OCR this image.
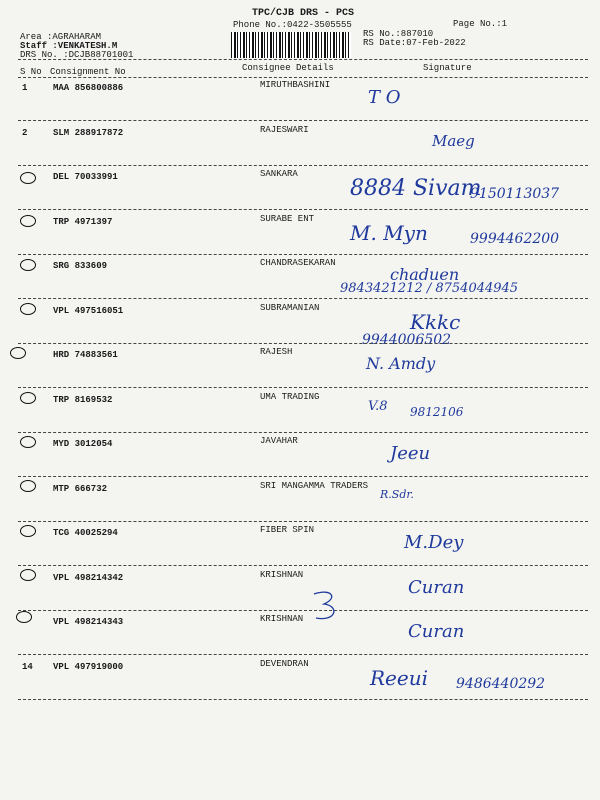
TPC/CJB DRS - PCS
Phone No.:0422-3505555	Page No.:1
Area :AGRAHARAM
Staff :VENKATESH.M
DRS No. :DCJB88701001
RS No.:887010
RS Date:07-Feb-2022
S No Consignment No	Consignee Details	Signature
1	MAA 856800886	MIRUTHBASHINI
T O
2	SLM 288917872	RAJESWARI
Maeg
DEL 70033991	SANKARA
8884 Sivam
9150113037
TRP 4971397	SURABE ENT
M. Myn	9994462200
SRG 833609	CHANDRASEKARAN
chaduen
9843421212 / 8754044945
VPL 497516051	SUBRAMANIAN
Kkkc
9944006502
HRD 74883561	RAJESH
N. Amdy
TRP 8169532	UMA TRADING
V.8 9812106
MYD 3012054	JAVAHAR
Jeeu
MTP 666732	SRI MANGAMMA TRADERS
R.Sdr.
TCG 40025294	FIBER SPIN
M.Dey
VPL 498214342	KRISHNAN
Curan
VPL 498214343	KRISHNAN
Curan
14 VPL 497919000	DEVENDRAN
Reeui 9486440292
